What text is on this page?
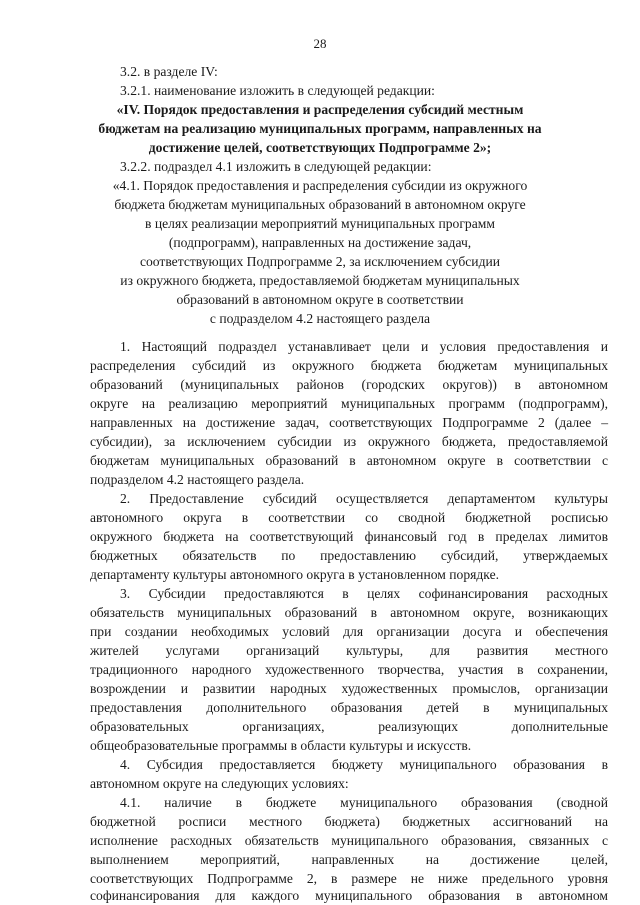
28
3.2. в разделе IV:
3.2.1. наименование изложить в следующей редакции:
«IV. Порядок предоставления и распределения субсидий местным
бюджетам на реализацию муниципальных программ, направленных на
достижение целей, соответствующих Подпрограмме 2»;
3.2.2. подраздел 4.1 изложить в следующей редакции:
«4.1. Порядок предоставления и распределения субсидии из окружного
бюджета бюджетам муниципальных образований в автономном округе
в целях реализации мероприятий муниципальных программ
(подпрограмм), направленных на достижение задач,
соответствующих Подпрограмме 2, за исключением субсидии
из окружного бюджета, предоставляемой бюджетам муниципальных
образований в автономном округе в соответствии
с подразделом 4.2 настоящего раздела
1. Настоящий подраздел устанавливает цели и условия предоставления и
распределения субсидий из окружного бюджета бюджетам муниципальных
образований (муниципальных районов (городских округов)) в автономном
округе на реализацию мероприятий муниципальных программ (подпрограмм),
направленных на достижение задач, соответствующих Подпрограмме 2 (далее –
субсидии), за исключением субсидии из окружного бюджета, предоставляемой
бюджетам муниципальных образований в автономном округе в соответствии с
подразделом 4.2 настоящего раздела.
2. Предоставление субсидий осуществляется департаментом культуры
автономного округа в соответствии со сводной бюджетной росписью
окружного бюджета на соответствующий финансовый год в пределах лимитов
бюджетных обязательств по предоставлению субсидий, утверждаемых
департаменту культуры автономного округа в установленном порядке.
3. Субсидии предоставляются в целях софинансирования расходных
обязательств муниципальных образований в автономном округе, возникающих
при создании необходимых условий для организации досуга и обеспечения
жителей услугами организаций культуры, для развития местного
традиционного народного художественного творчества, участия в сохранении,
возрождении и развитии народных художественных промыслов, организации
предоставления дополнительного образования детей в муниципальных
образовательных организациях, реализующих дополнительные
общеобразовательные программы в области культуры и искусств.
4. Субсидия предоставляется бюджету муниципального образования в
автономном округе на следующих условиях:
4.1. наличие в бюджете муниципального образования (сводной
бюджетной росписи местного бюджета) бюджетных ассигнований на
исполнение расходных обязательств муниципального образования, связанных с
выполнением мероприятий, направленных на достижение целей,
соответствующих Подпрограмме 2, в размере не ниже предельного уровня
софинансирования для каждого муниципального образования в автономном
